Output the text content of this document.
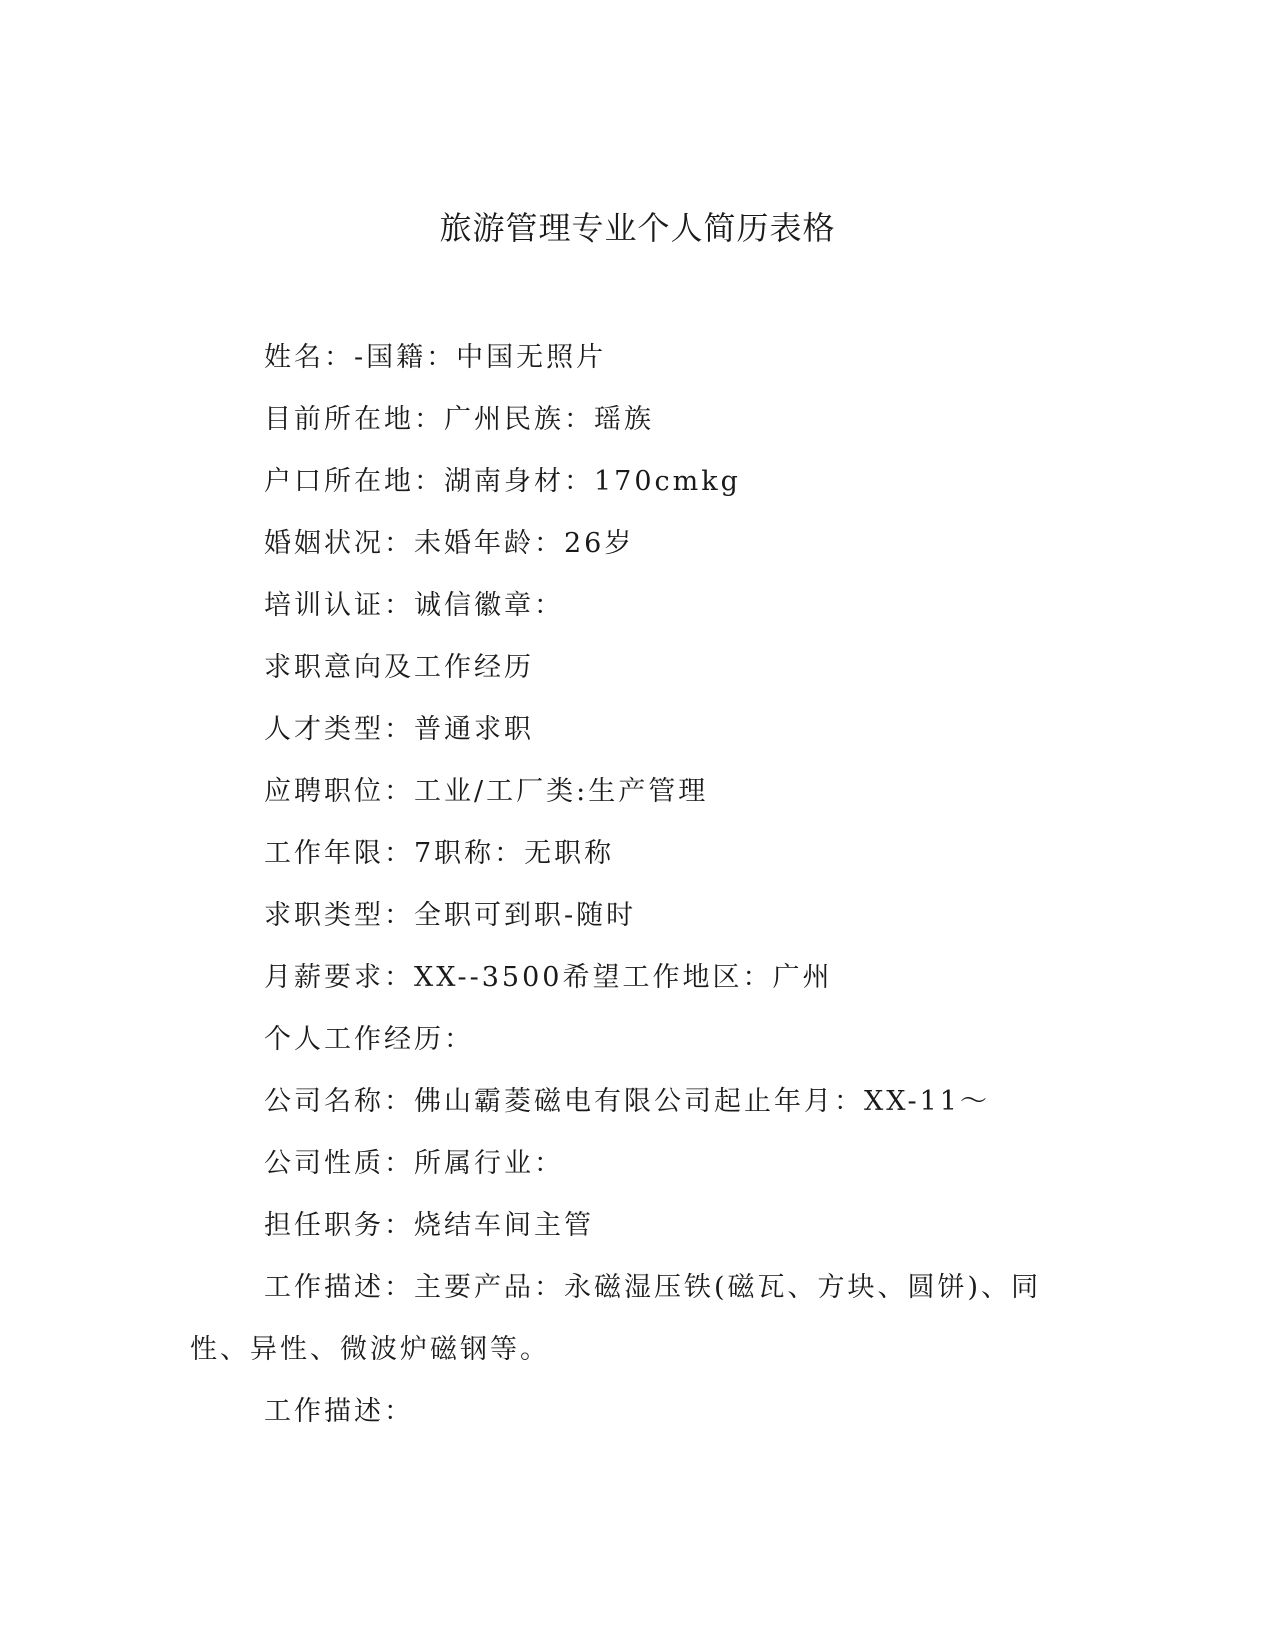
旅游管理专业个人简历表格
姓名：-国籍：中国无照片
目前所在地：广州民族：瑶族
户口所在地：湖南身材：170cmkg
婚姻状况：未婚年龄：26岁
培训认证：诚信徽章：
求职意向及工作经历
人才类型：普通求职
应聘职位：工业/工厂类:生产管理
工作年限：7职称：无职称
求职类型：全职可到职-随时
月薪要求：XX--3500希望工作地区：广州
个人工作经历：
公司名称：佛山霸菱磁电有限公司起止年月：XX-11～
公司性质：所属行业：
担任职务：烧结车间主管
工作描述：主要产品：永磁湿压铁(磁瓦、方块、圆饼)、同性、异性、微波炉磁钢等。
工作描述：
